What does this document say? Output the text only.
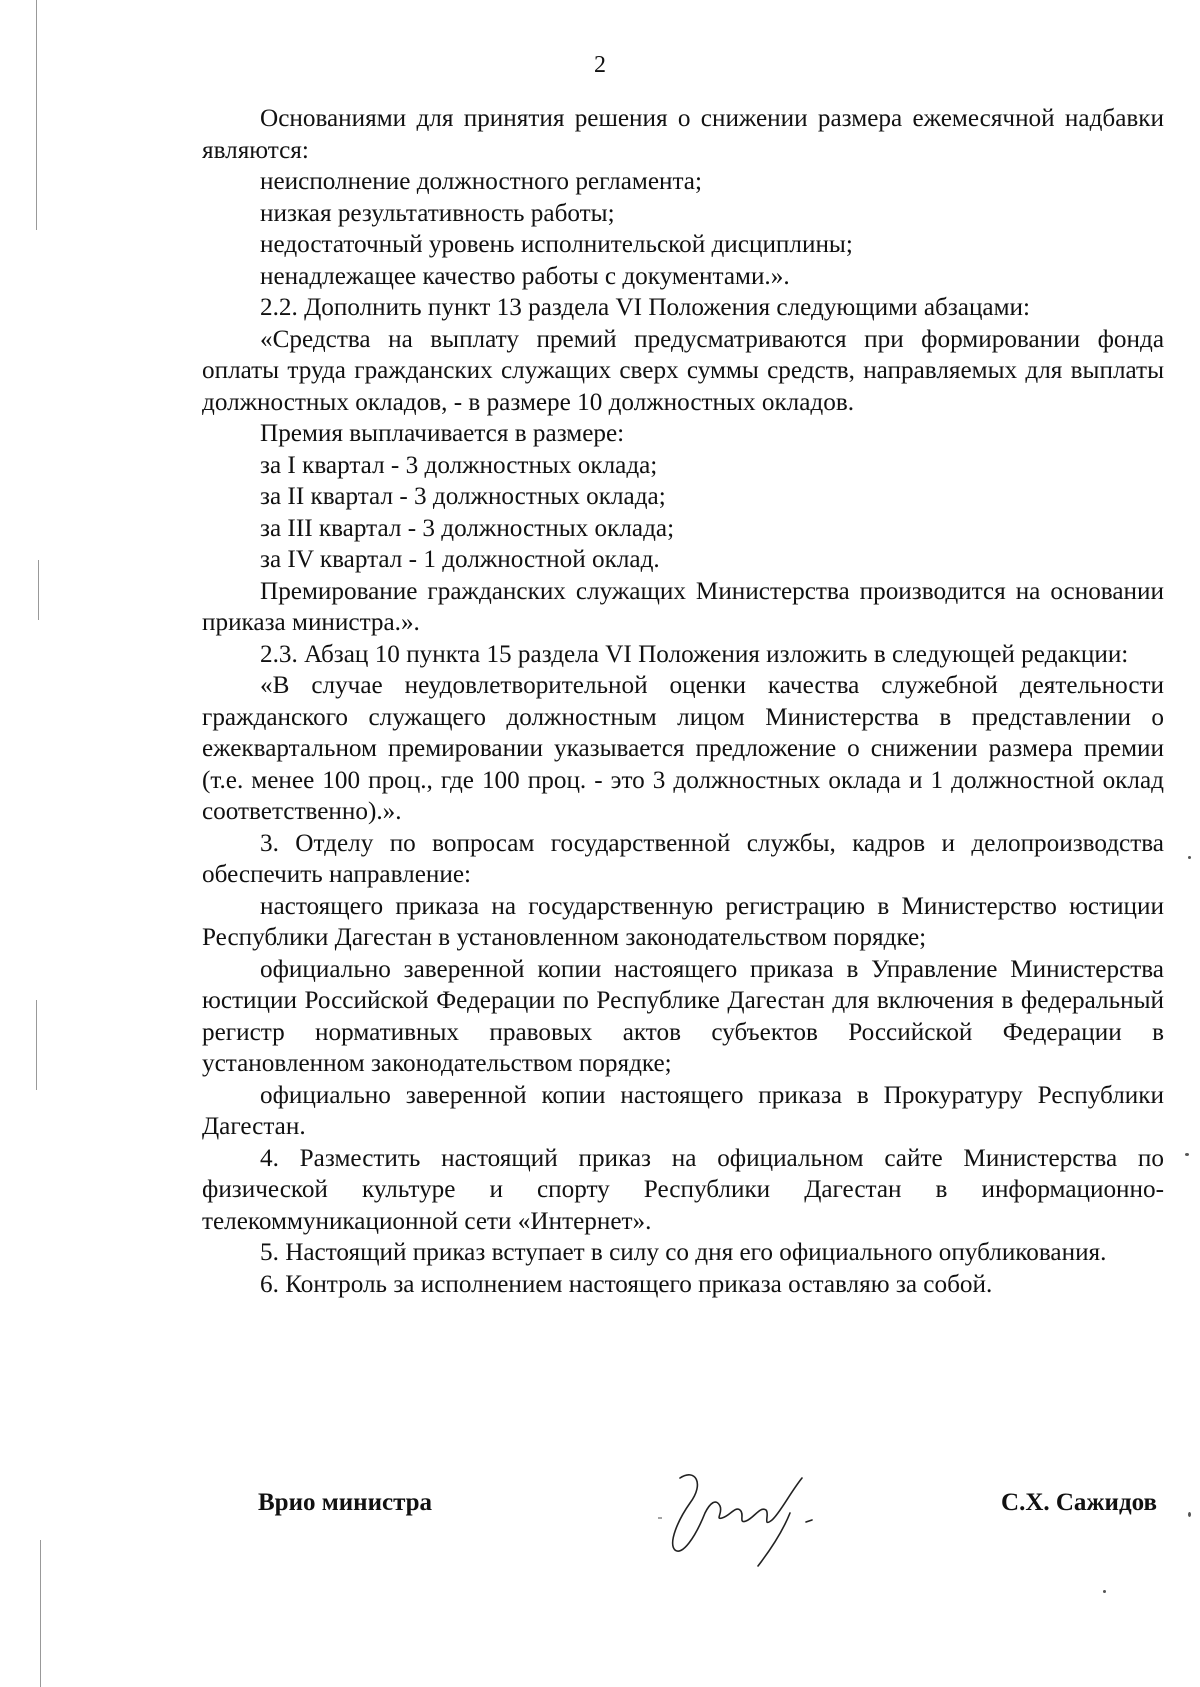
2

Основаниями для принятия решения о снижении размера ежемесячной надбавки являются:

неисполнение должностного регламента;

низкая результативность работы;

недостаточный уровень исполнительской дисциплины;

ненадлежащее качество работы с документами.».

2.2. Дополнить пункт 13 раздела VI Положения следующими абзацами:

«Средства на выплату премий предусматриваются при формировании фонда оплаты труда гражданских служащих сверх суммы средств, направляемых для выплаты должностных окладов, - в размере 10 должностных окладов.

Премия выплачивается в размере:

за I квартал - 3 должностных оклада;

за II квартал - 3 должностных оклада;

за III квартал - 3 должностных оклада;

за IV квартал - 1 должностной оклад.

Премирование гражданских служащих Министерства производится на основании приказа министра.».

2.3. Абзац 10 пункта 15 раздела VI Положения изложить в следующей редакции:

«В случае неудовлетворительной оценки качества служебной деятельности гражданского служащего должностным лицом Министерства в представлении о ежеквартальном премировании указывается предложение о снижении размера премии (т.е. менее 100 проц., где 100 проц. - это 3 должностных оклада и 1 должностной оклад соответственно).».

3. Отделу по вопросам государственной службы, кадров и делопроизводства обеспечить направление:

настоящего приказа на государственную регистрацию в Министерство юстиции Республики Дагестан в установленном законодательством порядке;

официально заверенной копии настоящего приказа в Управление Министерства юстиции Российской Федерации по Республике Дагестан для включения в федеральный регистр нормативных правовых актов субъектов Российской Федерации в установленном законодательством порядке;

официально заверенной копии настоящего приказа в Прокуратуру Республики Дагестан.

4. Разместить настоящий приказ на официальном сайте Министерства по физической культуре и спорту Республики Дагестан в информационно-телекоммуникационной сети «Интернет».

5. Настоящий приказ вступает в силу со дня его официального опубликования.

6. Контроль за исполнением настоящего приказа оставляю за собой.

Врио министра	С.Х. Сажидов
